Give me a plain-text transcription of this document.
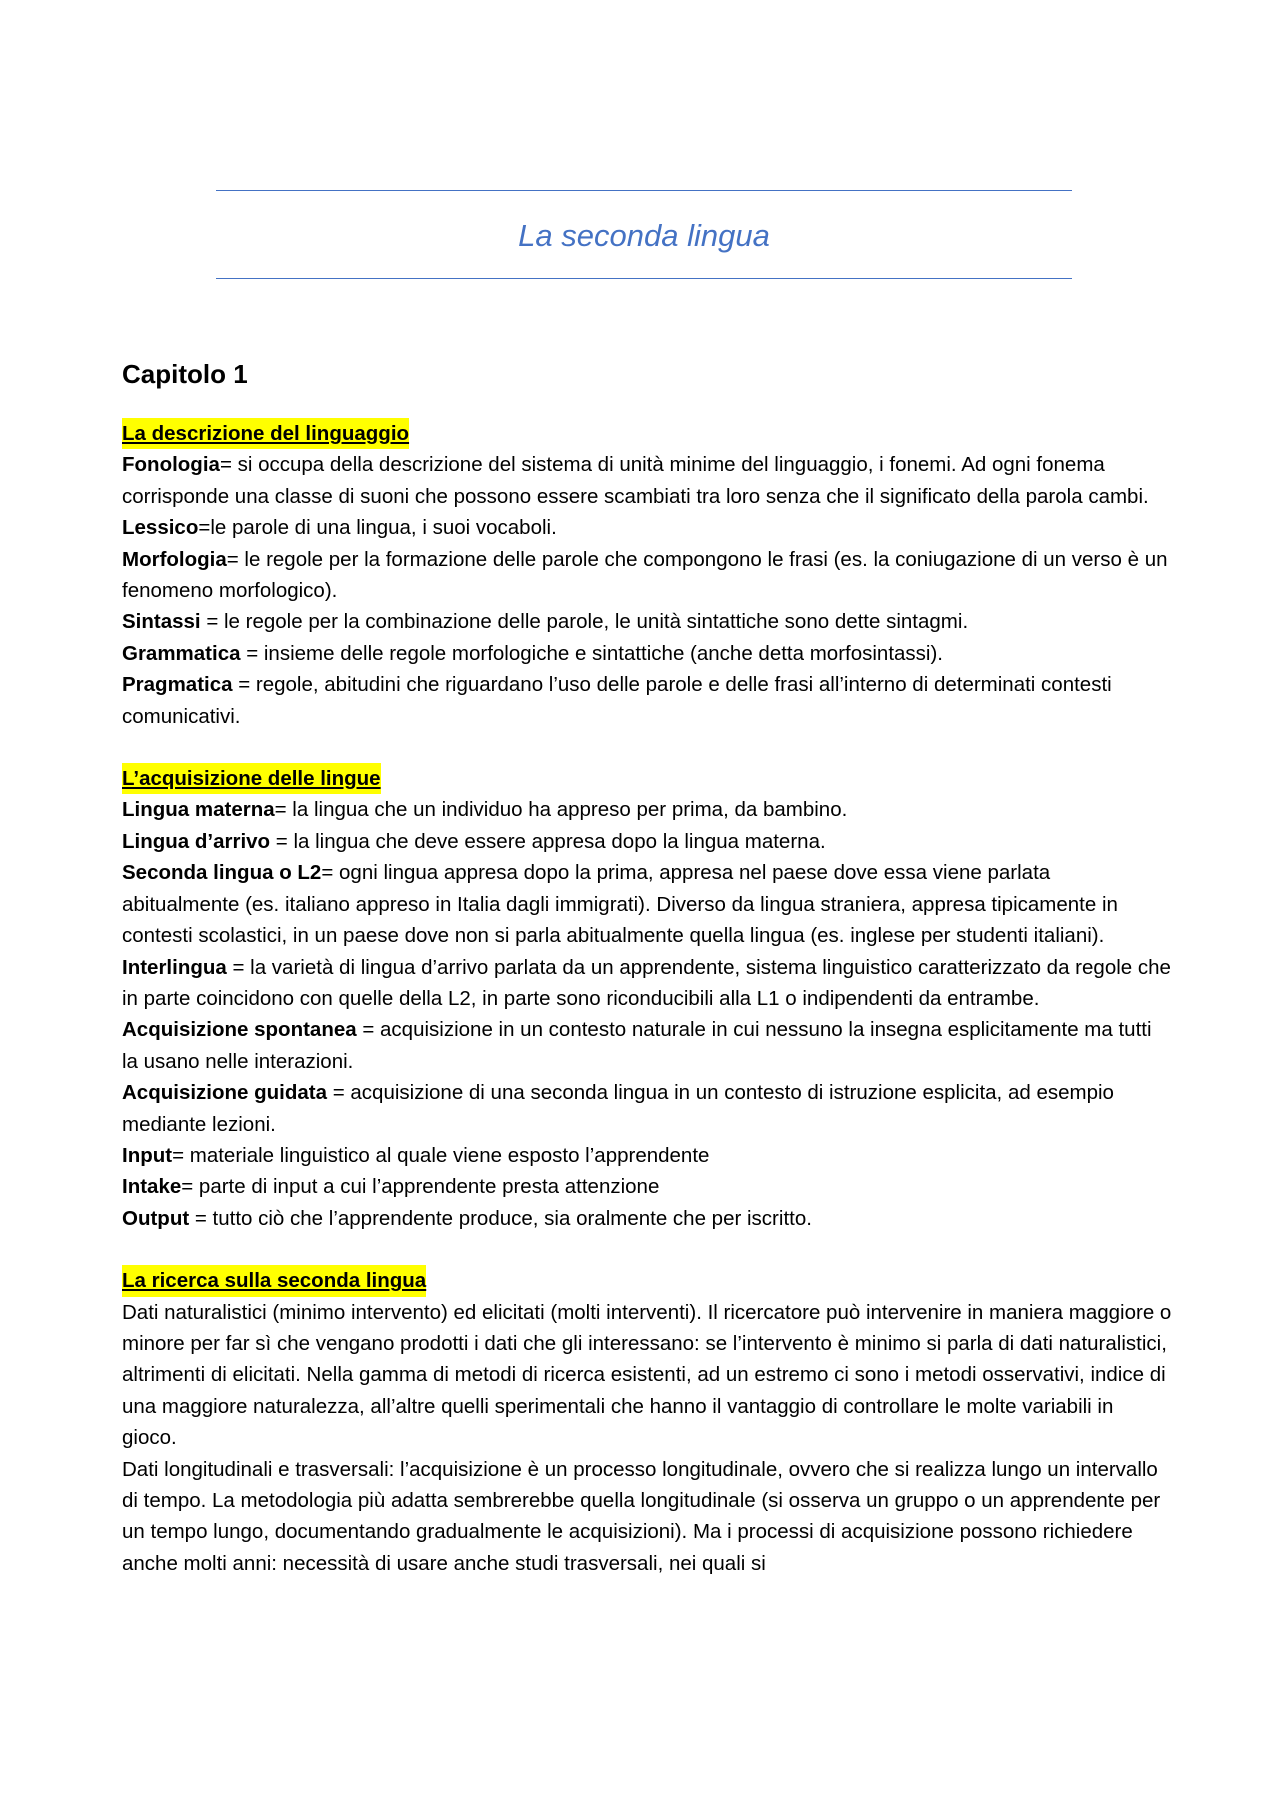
La seconda lingua
Capitolo 1
La descrizione del linguaggio

Fonologia= si occupa della descrizione del sistema di unità minime del linguaggio, i fonemi. Ad ogni fonema corrisponde una classe di suoni che possono essere scambiati tra loro senza che il significato della parola cambi.

Lessico=le parole di una lingua, i suoi vocaboli.

Morfologia= le regole per la formazione delle parole che compongono le frasi (es. la coniugazione di un verso è un fenomeno morfologico).

Sintassi = le regole per la combinazione delle parole, le unità sintattiche sono dette sintagmi.

Grammatica = insieme delle regole morfologiche e sintattiche (anche detta morfosintassi).

Pragmatica = regole, abitudini che riguardano l’uso delle parole e delle frasi all’interno di determinati contesti comunicativi.

L’acquisizione delle lingue

Lingua materna= la lingua che un individuo ha appreso per prima, da bambino.

Lingua d’arrivo = la lingua che deve essere appresa dopo la lingua materna.

Seconda lingua o L2= ogni lingua appresa dopo la prima, appresa nel paese dove essa viene parlata abitualmente (es. italiano appreso in Italia dagli immigrati). Diverso da lingua straniera, appresa tipicamente in contesti scolastici, in un paese dove non si parla abitualmente quella lingua (es. inglese per studenti italiani).

Interlingua = la varietà di lingua d’arrivo parlata da un apprendente, sistema linguistico caratterizzato da regole che in parte coincidono con quelle della L2, in parte sono riconducibili alla L1 o indipendenti da entrambe.

Acquisizione spontanea = acquisizione in un contesto naturale in cui nessuno la insegna esplicitamente ma tutti la usano nelle interazioni.

Acquisizione guidata = acquisizione di una seconda lingua in un contesto di istruzione esplicita, ad esempio mediante lezioni.

Input= materiale linguistico al quale viene esposto l’apprendente

Intake= parte di input a cui l’apprendente presta attenzione

Output = tutto ciò che l’apprendente produce, sia oralmente che per iscritto.

La ricerca sulla seconda lingua

Dati naturalistici (minimo intervento) ed elicitati (molti interventi). Il ricercatore può intervenire in maniera maggiore o minore per far sì che vengano prodotti i dati che gli interessano: se l’intervento è minimo si parla di dati naturalistici, altrimenti di elicitati. Nella gamma di metodi di ricerca esistenti, ad un estremo ci sono i metodi osservativi, indice di una maggiore naturalezza, all’altre quelli sperimentali che hanno il vantaggio di controllare le molte variabili in gioco.

Dati longitudinali e trasversali: l’acquisizione è un processo longitudinale, ovvero che si realizza lungo un intervallo di tempo. La metodologia più adatta sembrerebbe quella longitudinale (si osserva un gruppo o un apprendente per un tempo lungo, documentando gradualmente le acquisizioni). Ma i processi di acquisizione possono richiedere anche molti anni: necessità di usare anche studi trasversali, nei quali si
